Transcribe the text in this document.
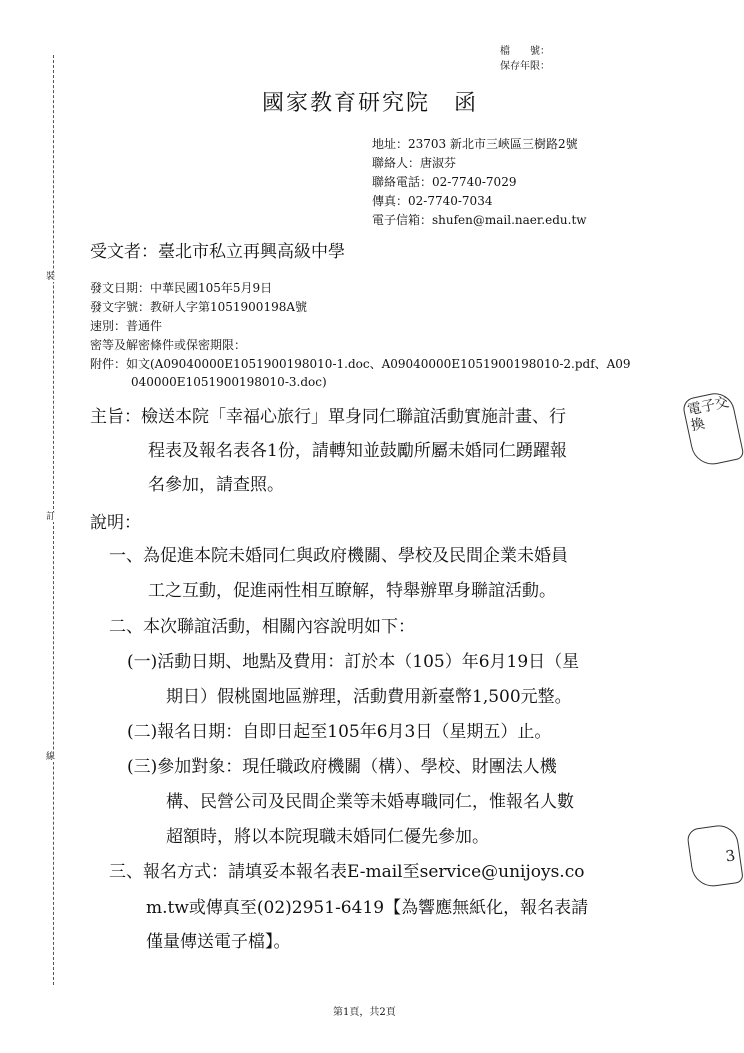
裝
訂
線
檔　　號：
保存年限：
國家教育研究院　函
地址：23703 新北市三峽區三樹路2號
聯絡人：唐淑芬
聯絡電話：02-7740-7029
傳真：02-7740-7034
電子信箱：shufen@mail.naer.edu.tw
受文者：臺北市私立再興高級中學
發文日期：中華民國105年5月9日
發文字號：教研人字第1051900198A號
速別：普通件
密等及解密條件或保密期限：
附件：如文(A09040000E1051900198010-1.doc、A09040000E1051900198010-2.pdf、A09
040000E1051900198010-3.doc)
主旨：檢送本院「幸福心旅行」單身同仁聯誼活動實施計畫、行
程表及報名表各1份，請轉知並鼓勵所屬未婚同仁踴躍報
名參加，請查照。
說明：
一、為促進本院未婚同仁與政府機關、學校及民間企業未婚員
工之互動，促進兩性相互瞭解，特舉辦單身聯誼活動。
二、本次聯誼活動，相關內容說明如下：
(一)活動日期、地點及費用：訂於本（105）年6月19日（星
期日）假桃園地區辦理，活動費用新臺幣1,500元整。
(二)報名日期：自即日起至105年6月3日（星期五）止。
(三)參加對象：現任職政府機關（構）、學校、財團法人機
構、民營公司及民間企業等未婚專職同仁，惟報名人數
超額時，將以本院現職未婚同仁優先參加。
三、報名方式：請填妥本報名表E-mail至service@unijoys.co
m.tw或傳真至(02)2951-6419【為響應無紙化，報名表請
僅量傳送電子檔】。
電子交換
3
第1頁，共2頁
